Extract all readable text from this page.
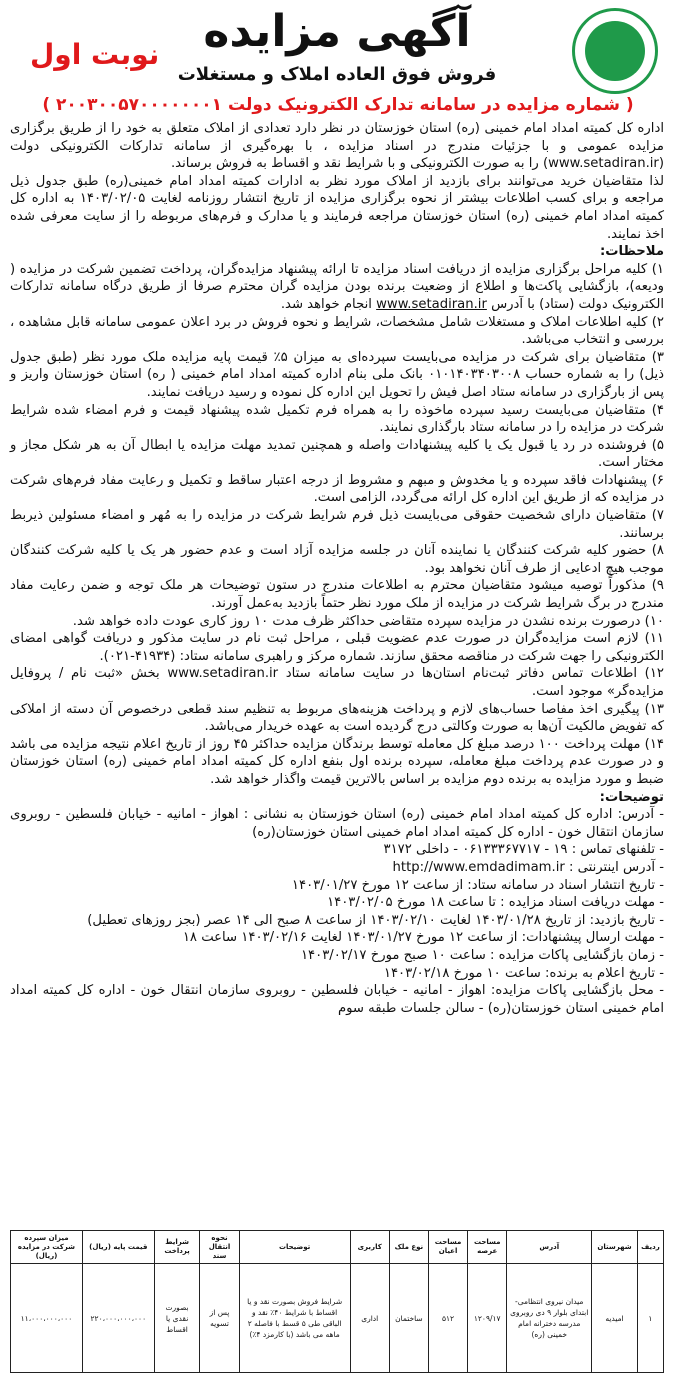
آگهی مزایده
نوبت اول
فروش فوق العاده املاک و مستغلات
( شماره مزایده در سامانه تدارک الکترونیک دولت ۲۰۰۳۰۰۵۷۰۰۰۰۰۰۰۱ )

اداره کل کمیته امداد امام خمینی (ره) استان خوزستان در نظر دارد تعدادی از املاک متعلق به خود را از طریق برگزاری مزایده عمومی و با جزئیات مندرج در اسناد مزایده ، با بهره‌گیری از سامانه تدارکات الکترونیکی دولت (www.setadiran.ir) را به صورت الکترونیکی و با شرایط نقد و اقساط به فروش برساند.

لذا متقاضیان خرید می‌توانند برای بازدید از املاک مورد نظر به ادارات کمیته امداد امام خمینی(ره) طبق جدول ذیل مراجعه و برای کسب اطلاعات بیشتر از نحوه برگزاری مزایده از تاریخ انتشار روزنامه لغایت ۱۴۰۳/۰۲/۰۵ به اداره کل کمیته امداد امام خمینی (ره) استان خوزستان مراجعه فرمایند و یا مدارک و فرم‌های مربوطه را از سایت معرفی شده اخذ نمایند.

ملاحظات:

۱) کلیه مراحل برگزاری مزایده از دریافت اسناد مزایده تا ارائه پیشنهاد مزایده‌گران، پرداخت تضمین شرکت در مزایده ( ودیعه)، بازگشایی پاکت‌ها و اطلاع از وضعیت برنده بودن مزایده گران محترم صرفا از طریق درگاه سامانه تدارکات الکترونیک دولت (ستاد) با آدرس www.setadiran.ir انجام خواهد شد.

۲) کلیه اطلاعات املاک و مستغلات شامل مشخصات، شرایط و نحوه فروش در برد اعلان عمومی سامانه قابل مشاهده ، بررسی و انتخاب می‌باشد.

۳) متقاضیان برای شرکت در مزایده می‌بایست سپرده‌ای به میزان ۵٪ قیمت پایه مزایده ملک مورد نظر (طبق جدول ذیل) را به شماره حساب ۰۱۰۱۴۰۳۴۰۳۰۰۸ بانک ملی بنام اداره کمیته امداد امام خمینی ( ره) استان خوزستان واریز و پس از بارگزاری در سامانه ستاد اصل فیش را تحویل این اداره کل نموده و رسید دریافت نمایند.

۴) متقاضیان می‌بایست رسید سپرده ماخوذه را به همراه فرم تکمیل شده پیشنهاد قیمت و فرم امضاء شده شرایط شرکت در مزایده را در سامانه ستاد بارگذاری نمایند.

۵) فروشنده در رد یا قبول یک یا کلیه پیشنهادات واصله و همچنین تمدید مهلت مزایده یا ابطال آن به هر شکل مجاز و مختار است.

۶) پیشنهادات فاقد سپرده و یا مخدوش و مبهم و مشروط از درجه اعتبار ساقط و تکمیل و رعایت مفاد فرم‌های شرکت در مزایده که از طریق این اداره کل ارائه می‌گردد، الزامی است.

۷) متقاضیان دارای شخصیت حقوقی می‌بایست ذیل فرم شرایط شرکت در مزایده را به مُهر و امضاء مسئولین ذیربط برسانند.

۸) حضور کلیه شرکت کنندگان یا نماینده آنان در جلسه مزایده آزاد است و عدم حضور هر یک یا کلیه شرکت کنندگان موجب هیچ ادعایی از طرف آنان نخواهد بود.

۹) مذکوراً توصیه میشود متقاضیان محترم به اطلاعات مندرج در ستون توضیحات هر ملک توجه و ضمن رعایت مفاد مندرج در برگ شرایط شرکت در مزایده از ملک مورد نظر حتماً بازدید به‌عمل آورند.

۱۰) درصورت برنده نشدن در مزایده سپرده متقاضی حداکثر ظرف مدت ۱۰ روز کاری عودت داده خواهد شد.

۱۱) لازم است مزایده‌گران در صورت عدم عضویت قبلی ، مراحل ثبت نام در سایت مذکور و دریافت گواهی امضای الکترونیکی را جهت شرکت در مناقصه محقق سازند. شماره مرکز و راهبری سامانه ستاد: (۴۱۹۳۴-۰۲۱).

۱۲) اطلاعات تماس دفاتر ثبت‌نام استان‌ها در سایت سامانه ستاد www.setadiran.ir بخش «ثبت نام / پروفایل مزایده‌گر» موجود است.

۱۳) پیگیری اخذ مفاصا حساب‌های لازم و پرداخت هزینه‌های مربوط به تنظیم سند قطعی درخصوص آن دسته از املاکی که تفویض مالکیت آن‌ها به صورت وکالتی درج گردیده است به عهده خریدار می‌باشد.

۱۴) مهلت پرداخت ۱۰۰ درصد مبلغ کل معامله توسط برندگان مزایده حداکثر ۴۵ روز از تاریخ اعلام نتیجه مزایده می باشد و در صورت عدم پرداخت مبلغ معامله، سپرده برنده اول بنفع اداره کل کمیته امداد امام خمینی (ره) استان خوزستان ضبط و مورد مزایده به برنده دوم مزایده بر اساس بالاترین قیمت واگذار خواهد شد.

توضیحات:

- آدرس: اداره کل کمیته امداد امام خمینی (ره) استان خوزستان به نشانی : اهواز - امانیه - خیابان فلسطین - روبروی سازمان انتقال خون - اداره کل کمیته امداد امام خمینی استان خوزستان(ره)

- تلفنهای تماس : ۱۹ - ۰۶۱۳۳۳۶۷۷۱۷ - داخلی ۳۱۷۲

- آدرس اینترنتی : http://www.emdadimam.ir

- تاریخ انتشار اسناد در سامانه ستاد: از ساعت ۱۲ مورخ ۱۴۰۳/۰۱/۲۷

- مهلت دریافت اسناد مزایده : تا ساعت ۱۸ مورخ ۱۴۰۳/۰۲/۰۵

- تاریخ بازدید: از تاریخ ۱۴۰۳/۰۱/۲۸ لغایت ۱۴۰۳/۰۲/۱۰ از ساعت ۸ صبح الی ۱۴ عصر (بجز روزهای تعطیل)

- مهلت ارسال پیشنهادات: از ساعت ۱۲ مورخ ۱۴۰۳/۰۱/۲۷ لغایت ۱۴۰۳/۰۲/۱۶ ساعت ۱۸

- زمان بازگشایی پاکات مزایده : ساعت ۱۰ صبح مورخ ۱۴۰۳/۰۲/۱۷

- تاریخ اعلام به برنده: ساعت ۱۰ مورخ ۱۴۰۳/۰۲/۱۸

- محل بازگشایی پاکات مزایده: اهواز - امانیه - خیابان فلسطین - روبروی سازمان انتقال خون - اداره کل کمیته امداد امام خمینی استان خوزستان(ره) - سالن جلسات طبقه سوم

ردیف	شهرستان	آدرس	مساحت عرصه	مساحت اعیان	نوع ملک	کاربری	توضیحات	نحوه انتقال سند	شرایط پرداخت	قیمت پایه (ریال)	میزان سپرده شرکت در مزایده (ریال)
۱	امیدیه	میدان نیروی انتظامی- ابتدای بلوار ۹ دی روبروی مدرسه دخترانه امام خمینی (ره)	۱۲۰۹/۱۷	۵۱۲	ساختمان	اداری	شرایط فروش بصورت نقد و یا اقساط با شرایط ۴۰٪ نقد و الباقی طی ۵ قسط با فاصله ۲ ماهه می باشد (با کارمزد ۴٪)	پس از تسویه	بصورت نقدی یا اقساط	۲۲۰،۰۰۰،۰۰۰،۰۰۰	۱۱،۰۰۰،۰۰۰،۰۰۰
